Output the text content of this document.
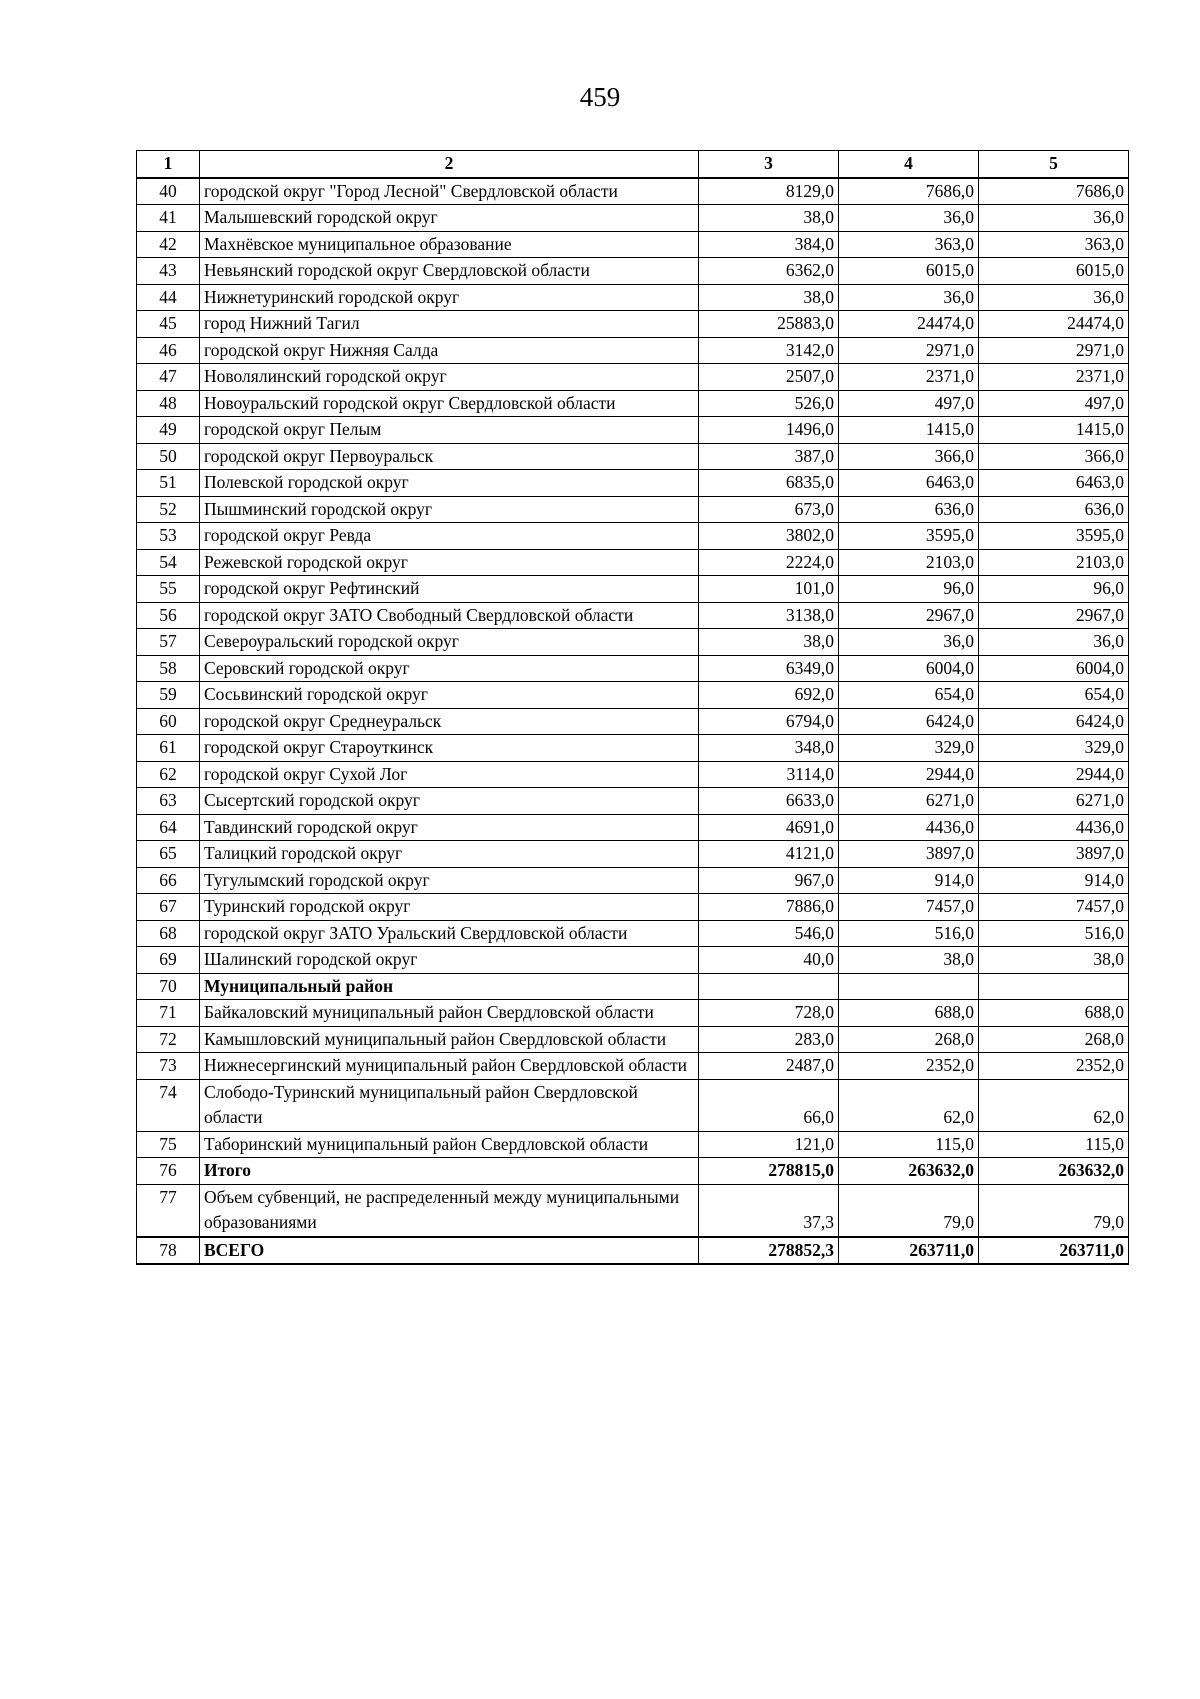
459
1	2	3	4	5
40	городской округ "Город Лесной" Свердловской области	8129,0	7686,0	7686,0
41	Малышевский городской округ	38,0	36,0	36,0
42	Махнёвское муниципальное образование	384,0	363,0	363,0
43	Невьянский городской округ Свердловской области	6362,0	6015,0	6015,0
44	Нижнетуринский городской округ	38,0	36,0	36,0
45	город Нижний Тагил	25883,0	24474,0	24474,0
46	городской округ Нижняя Салда	3142,0	2971,0	2971,0
47	Новолялинский городской округ	2507,0	2371,0	2371,0
48	Новоуральский городской округ Свердловской области	526,0	497,0	497,0
49	городской округ Пелым	1496,0	1415,0	1415,0
50	городской округ Первоуральск	387,0	366,0	366,0
51	Полевской городской округ	6835,0	6463,0	6463,0
52	Пышминский городской округ	673,0	636,0	636,0
53	городской округ Ревда	3802,0	3595,0	3595,0
54	Режевской городской округ	2224,0	2103,0	2103,0
55	городской округ Рефтинский	101,0	96,0	96,0
56	городской округ ЗАТО Свободный Свердловской области	3138,0	2967,0	2967,0
57	Североуральский городской округ	38,0	36,0	36,0
58	Серовский городской округ	6349,0	6004,0	6004,0
59	Сосьвинский городской округ	692,0	654,0	654,0
60	городской округ Среднеуральск	6794,0	6424,0	6424,0
61	городской округ Староуткинск	348,0	329,0	329,0
62	городской округ Сухой Лог	3114,0	2944,0	2944,0
63	Сысертский городской округ	6633,0	6271,0	6271,0
64	Тавдинский городской округ	4691,0	4436,0	4436,0
65	Талицкий городской округ	4121,0	3897,0	3897,0
66	Тугулымский городской округ	967,0	914,0	914,0
67	Туринский городской округ	7886,0	7457,0	7457,0
68	городской округ ЗАТО Уральский Свердловской области	546,0	516,0	516,0
69	Шалинский городской округ	40,0	38,0	38,0
70	Муниципальный район			
71	Байкаловский муниципальный район Свердловской области	728,0	688,0	688,0
72	Камышловский муниципальный район Свердловской области	283,0	268,0	268,0
73	Нижнесергинский муниципальный район Свердловской области	2487,0	2352,0	2352,0
74	Слободо-Туринский муниципальный район Свердловской области	66,0	62,0	62,0
75	Таборинский муниципальный район Свердловской области	121,0	115,0	115,0
76	Итого	278815,0	263632,0	263632,0
77	Объем субвенций, не распределенный между муниципальными образованиями	37,3	79,0	79,0
78	ВСЕГО	278852,3	263711,0	263711,0
